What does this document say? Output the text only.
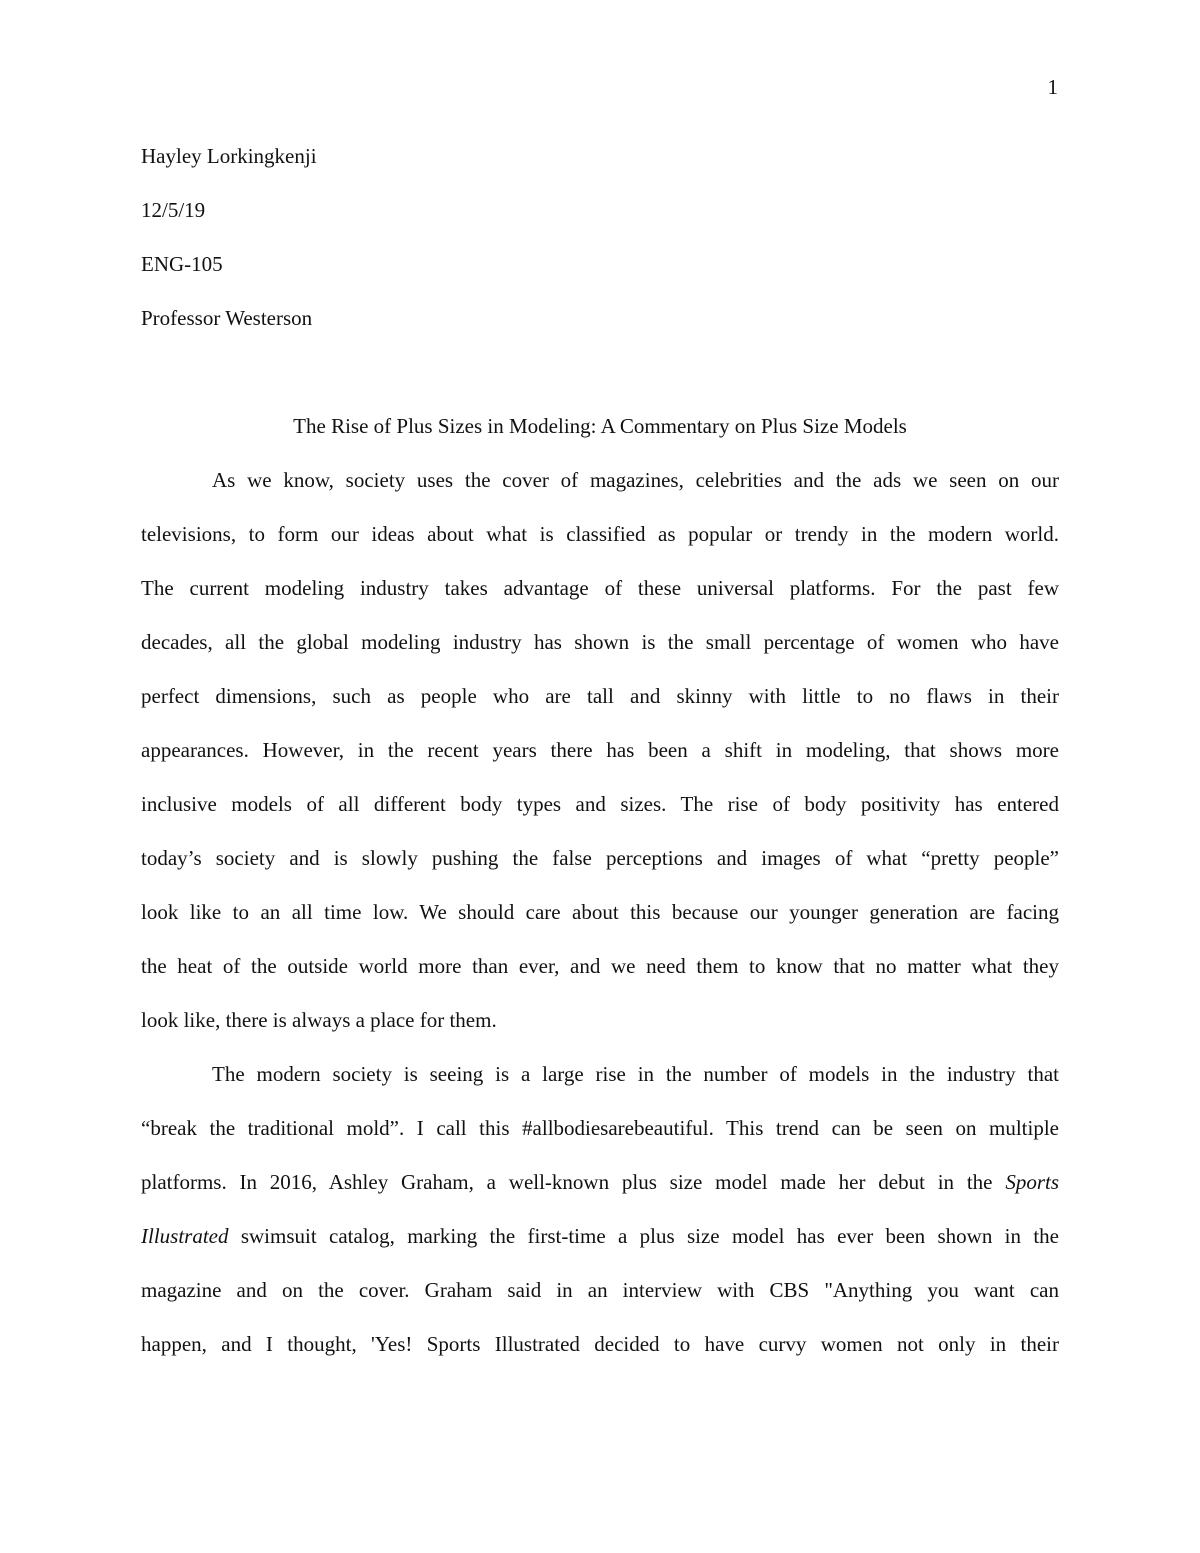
1
Hayley Lorkingkenji
12/5/19
ENG-105
Professor Westerson
The Rise of Plus Sizes in Modeling: A Commentary on Plus Size Models
As we know, society uses the cover of magazines, celebrities and the ads we seen on our
televisions, to form our ideas about what is classified as popular or trendy in the modern world.
The current modeling industry takes advantage of these universal platforms. For the past few
decades, all the global modeling industry has shown is the small percentage of women who have
perfect dimensions, such as people who are tall and skinny with little to no flaws in their
appearances. However, in the recent years there has been a shift in modeling, that shows more
inclusive models of all different body types and sizes. The rise of body positivity has entered
today’s society and is slowly pushing the false perceptions and images of what “pretty people”
look like to an all time low. We should care about this because our younger generation are facing
the heat of the outside world more than ever, and we need them to know that no matter what they
look like, there is always a place for them.
The modern society is seeing is a large rise in the number of models in the industry that
“break the traditional mold”. I call this #allbodiesarebeautiful. This trend can be seen on multiple
platforms. In 2016, Ashley Graham, a well-known plus size model made her debut in the Sports
Illustrated swimsuit catalog, marking the first-time a plus size model has ever been shown in the
magazine and on the cover. Graham said in an interview with CBS "Anything you want can
happen, and I thought, 'Yes! Sports Illustrated decided to have curvy women not only in their
